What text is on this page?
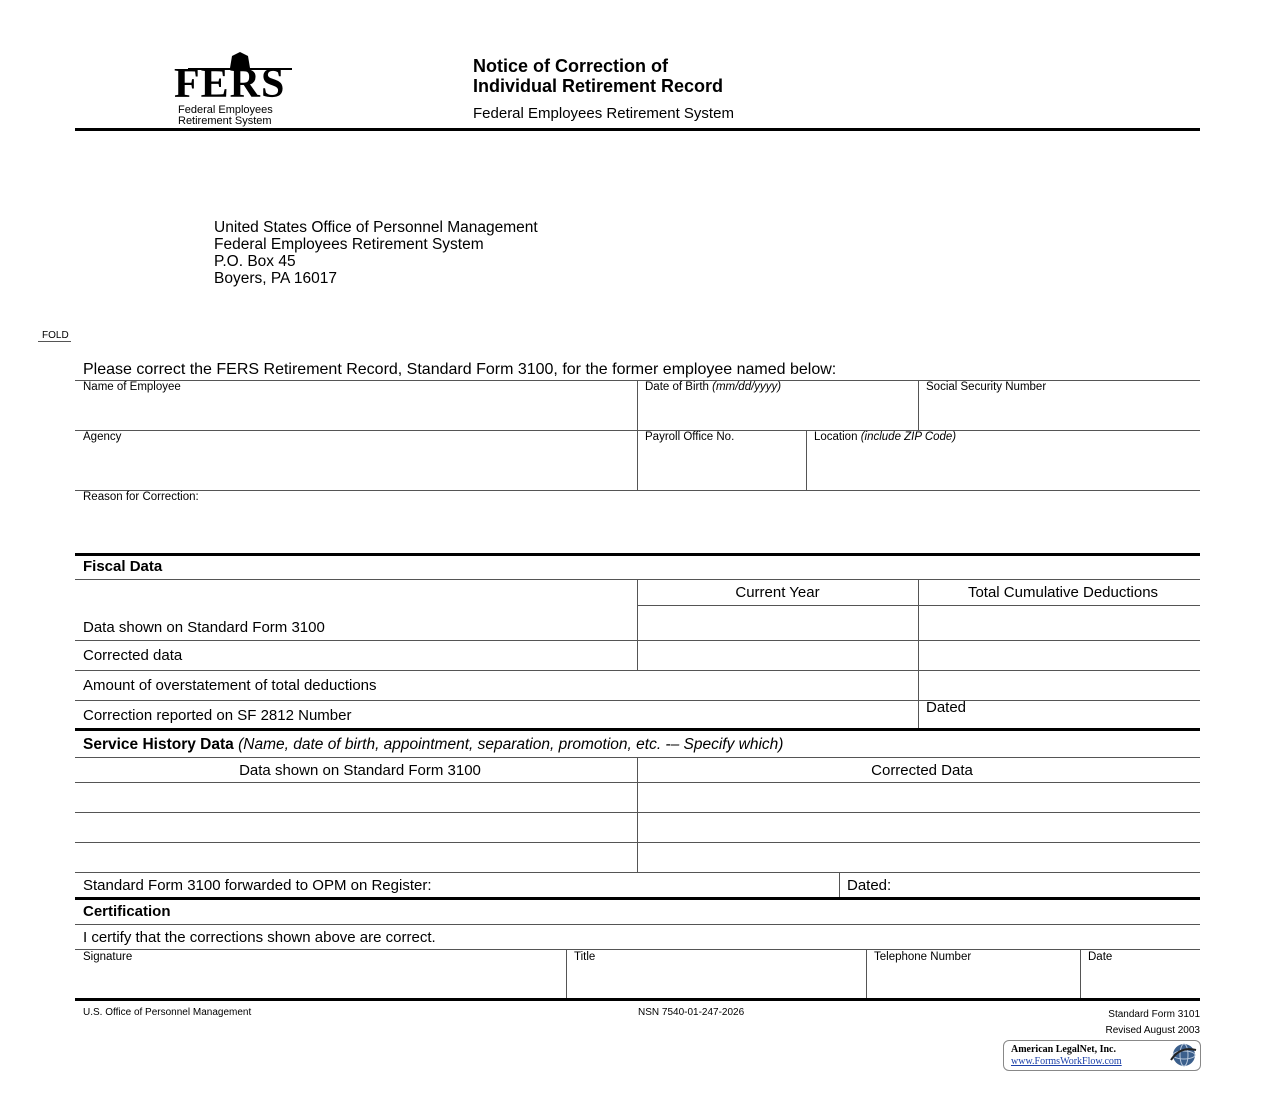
FERS
Federal Employees
Retirement System
Notice of Correction of
Individual Retirement Record
Federal Employees Retirement System
United States Office of Personnel Management
Federal Employees Retirement System
P.O. Box 45
Boyers, PA 16017
FOLD
Please correct the FERS Retirement Record, Standard Form 3100, for the former employee named below:
Name of Employee	Date of Birth (mm/dd/yyyy)	Social Security Number
Agency	Payroll Office No.	Location (include ZIP Code)
Reason for Correction:
Fiscal Data
Current Year	Total Cumulative Deductions
Data shown on Standard Form 3100
Corrected data
Amount of overstatement of total deductions
Correction reported on SF 2812 Number	Dated
Service History Data (Name, date of birth, appointment, separation, promotion, etc. -– Specify which)
Data shown on Standard Form 3100	Corrected Data
Standard Form 3100 forwarded to OPM on Register:	Dated:
Certification
I certify that the corrections shown above are correct.
Signature	Title	Telephone Number	Date
U.S. Office of Personnel Management	NSN 7540-01-247-2026	Standard Form 3101
Revised August 2003
American LegalNet, Inc.
www.FormsWorkFlow.com
